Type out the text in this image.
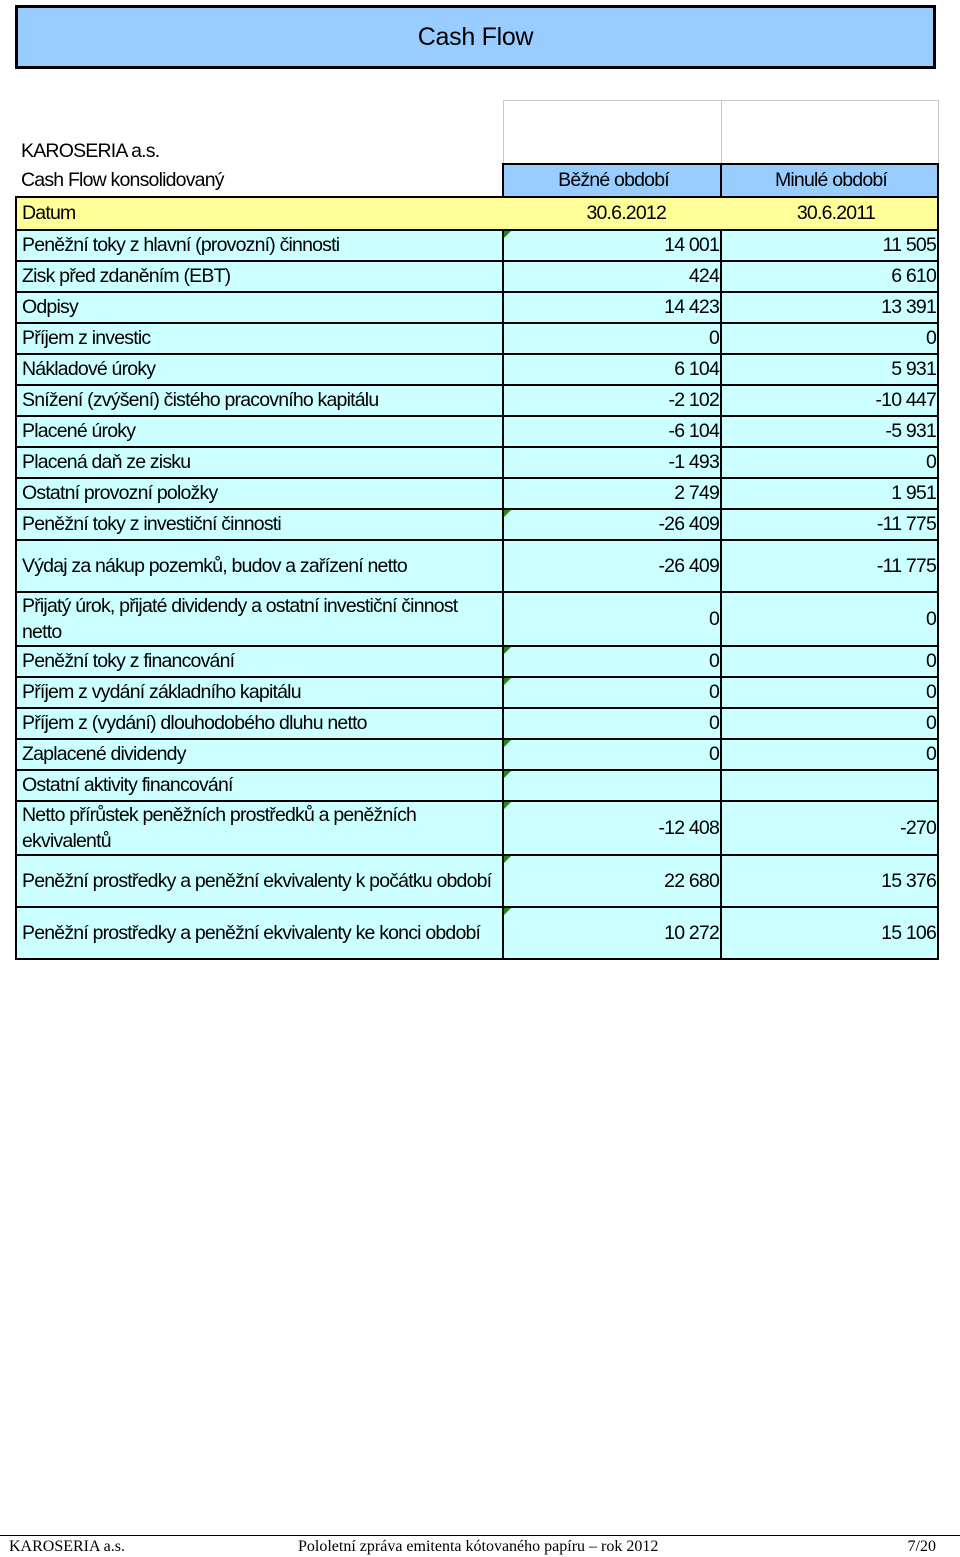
Cash Flow

KAROSERIA a.s.		
Cash Flow konsolidovaný	Běžné období	Minulé období
Datum	30.6.2012	30.6.2011
Peněžní toky z hlavní (provozní) činnosti	14 001	11 505
Zisk před zdaněním (EBT)	424	6 610
Odpisy	14 423	13 391
Příjem z investic	0	0
Nákladové úroky	6 104	5 931
Snížení (zvýšení) čistého pracovního kapitálu	-2 102	-10 447
Placené úroky	-6 104	-5 931
Placená daň ze zisku	-1 493	0
Ostatní provozní položky	2 749	1 951
Peněžní toky z investiční činnosti	-26 409	-11 775
Výdaj za nákup pozemků, budov a zařízení netto	-26 409	-11 775
Přijatý úrok, přijaté dividendy a ostatní investiční činnost netto	0	0
Peněžní toky z financování	0	0
Příjem z vydání základního kapitálu	0	0
Příjem z (vydání) dlouhodobého dluhu netto	0	0
Zaplacené dividendy	0	0
Ostatní aktivity financování		
Netto přírůstek peněžních prostředků a peněžních ekvivalentů	-12 408	-270
Peněžní prostředky a peněžní ekvivalenty k počátku období	22 680	15 376
Peněžní prostředky a peněžní ekvivalenty ke konci období	10 272	15 106
KAROSERIA a.s.	Pololetní zpráva emitenta kótovaného papíru – rok 2012	7/20
